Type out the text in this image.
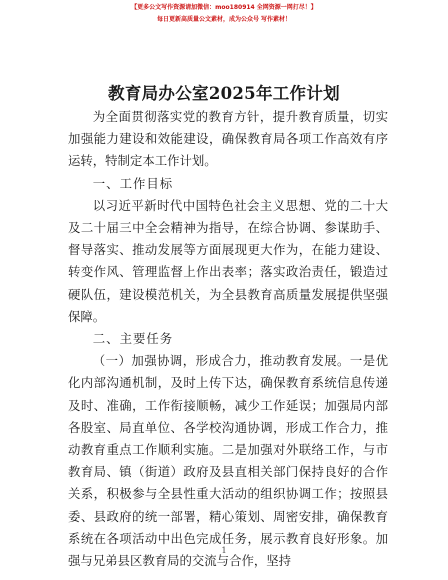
【更多公文写作资源请加微信：moo180914 全网资源一网打尽！】
每日更新高质量公文素材，成为公众号 写作素材！
教育局办公室2025年工作计划

为全面贯彻落实党的教育方针，提升教育质量，切实加强能力建设和效能建设，确保教育局各项工作高效有序运转，特制定本工作计划。

一、工作目标

以习近平新时代中国特色社会主义思想、党的二十大及二十届三中全会精神为指导，在综合协调、参谋助手、督导落实、推动发展等方面展现更大作为，在能力建设、转变作风、管理监督上作出表率；落实政治责任，锻造过硬队伍，建设模范机关，为全县教育高质量发展提供坚强保障。

二、主要任务

（一）加强协调，形成合力，推动教育发展。一是优化内部沟通机制，及时上传下达，确保教育系统信息传递及时、准确，工作衔接顺畅，减少工作延误；加强局内部各股室、局直单位、各学校沟通协调，形成工作合力，推动教育重点工作顺利实施。二是加强对外联络工作，与市教育局、镇（街道）政府及县直相关部门保持良好的合作关系，积极参与全县性重大活动的组织协调工作；按照县委、县政府的统一部署，精心策划、周密安排，确保教育系统在各项活动中出色完成任务，展示教育良好形象。加强与兄弟县区教育局的交流与合作，坚持

1
